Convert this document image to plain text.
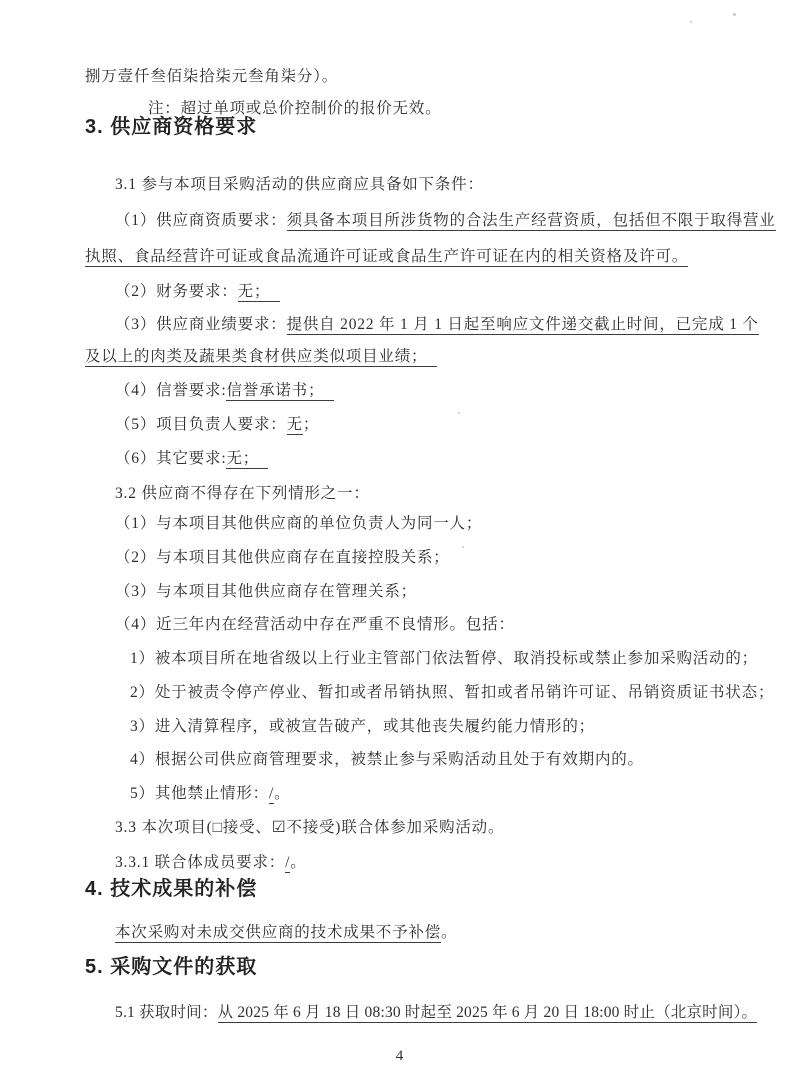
捌万壹仟叁佰柒拾柒元叁角柒分）。
注：超过单项或总价控制价的报价无效。
3. 供应商资格要求
3.1 参与本项目采购活动的供应商应具备如下条件：
（1）供应商资质要求：须具备本项目所涉货物的合法生产经营资质，包括但不限于取得营业
执照、食品经营许可证或食品流通许可证或食品生产许可证在内的相关资格及许可。
（2）财务要求：无；
（3）供应商业绩要求：提供自 2022 年 1 月 1 日起至响应文件递交截止时间，已完成 1 个
及以上的肉类及蔬果类食材供应类似项目业绩；
（4）信誉要求:信誉承诺书；
（5）项目负责人要求：无；
（6）其它要求:无；
3.2 供应商不得存在下列情形之一：
（1）与本项目其他供应商的单位负责人为同一人；
（2）与本项目其他供应商存在直接控股关系；
（3）与本项目其他供应商存在管理关系；
（4）近三年内在经营活动中存在严重不良情形。包括：
1）被本项目所在地省级以上行业主管部门依法暂停、取消投标或禁止参加采购活动的；
2）处于被责令停产停业、暂扣或者吊销执照、暂扣或者吊销许可证、吊销资质证书状态；
3）进入清算程序，或被宣告破产，或其他丧失履约能力情形的；
4）根据公司供应商管理要求，被禁止参与采购活动且处于有效期内的。
5）其他禁止情形：/。
3.3 本次项目(□接受、☑不接受)联合体参加采购活动。
3.3.1 联合体成员要求：/。
4. 技术成果的补偿
本次采购对未成交供应商的技术成果不予补偿。
5. 采购文件的获取
5.1 获取时间：从 2025 年 6 月 18 日 08:30 时起至 2025 年 6 月 20 日 18:00 时止（北京时间）。
4
